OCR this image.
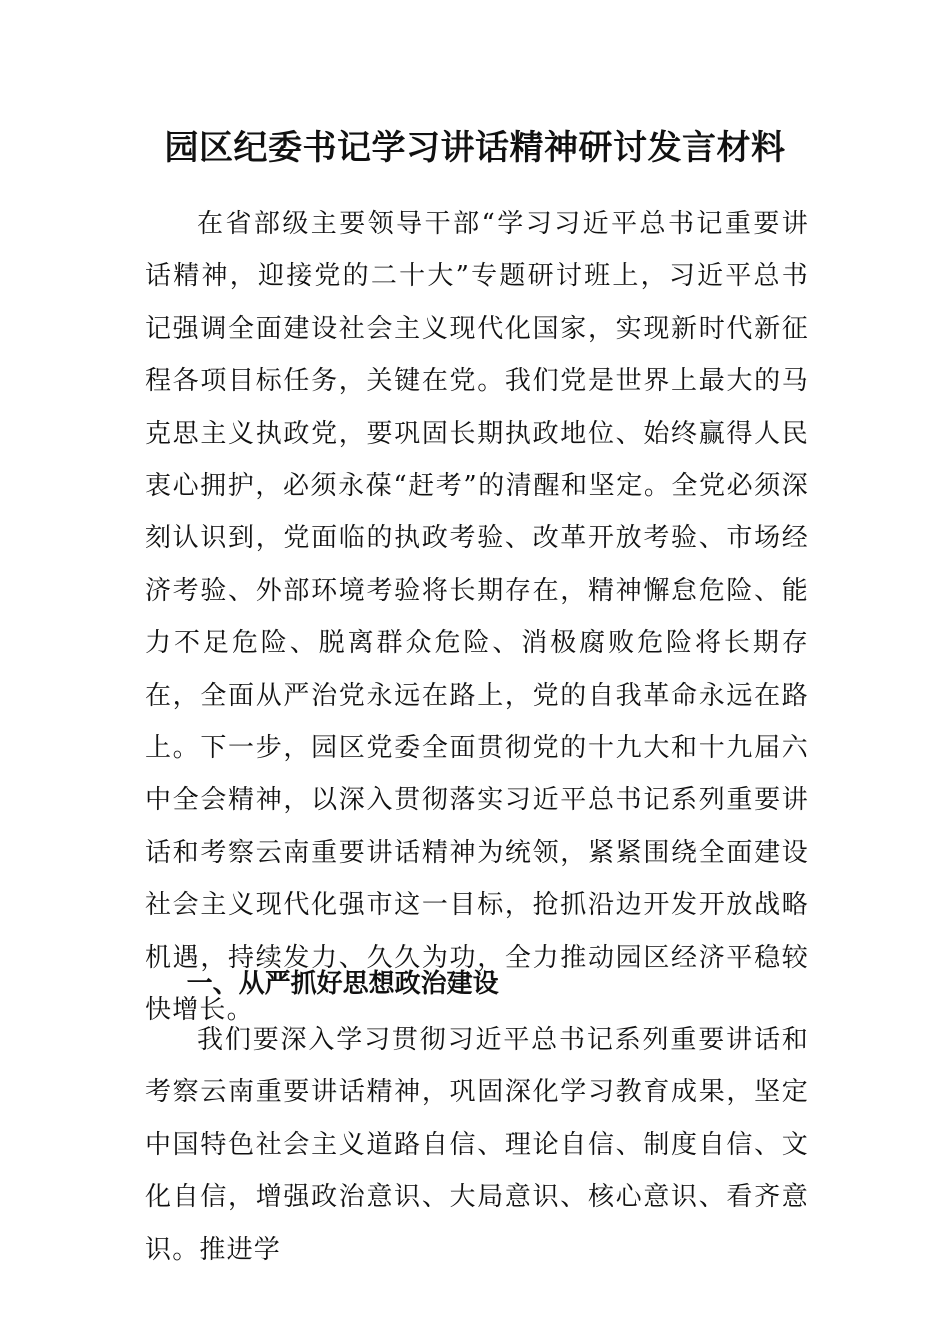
园区纪委书记学习讲话精神研讨发言材料

在省部级主要领导干部“学习习近平总书记重要讲话精神，迎接党的二十大”专题研讨班上，习近平总书记强调全面建设社会主义现代化国家，实现新时代新征程各项目标任务，关键在党。我们党是世界上最大的马克思主义执政党，要巩固长期执政地位、始终赢得人民衷心拥护，必须永葆“赶考”的清醒和坚定。全党必须深刻认识到，党面临的执政考验、改革开放考验、市场经济考验、外部环境考验将长期存在，精神懈怠危险、能力不足危险、脱离群众危险、消极腐败危险将长期存在，全面从严治党永远在路上，党的自我革命永远在路上。下一步，园区党委全面贯彻党的十九大和十九届六中全会精神，以深入贯彻落实习近平总书记系列重要讲话和考察云南重要讲话精神为统领，紧紧围绕全面建设社会主义现代化强市这一目标，抢抓沿边开发开放战略机遇，持续发力、久久为功，全力推动园区经济平稳较快增长。

一、从严抓好思想政治建设

我们要深入学习贯彻习近平总书记系列重要讲话和考察云南重要讲话精神，巩固深化学习教育成果，坚定中国特色社会主义道路自信、理论自信、制度自信、文化自信，增强政治意识、大局意识、核心意识、看齐意识。推进学
